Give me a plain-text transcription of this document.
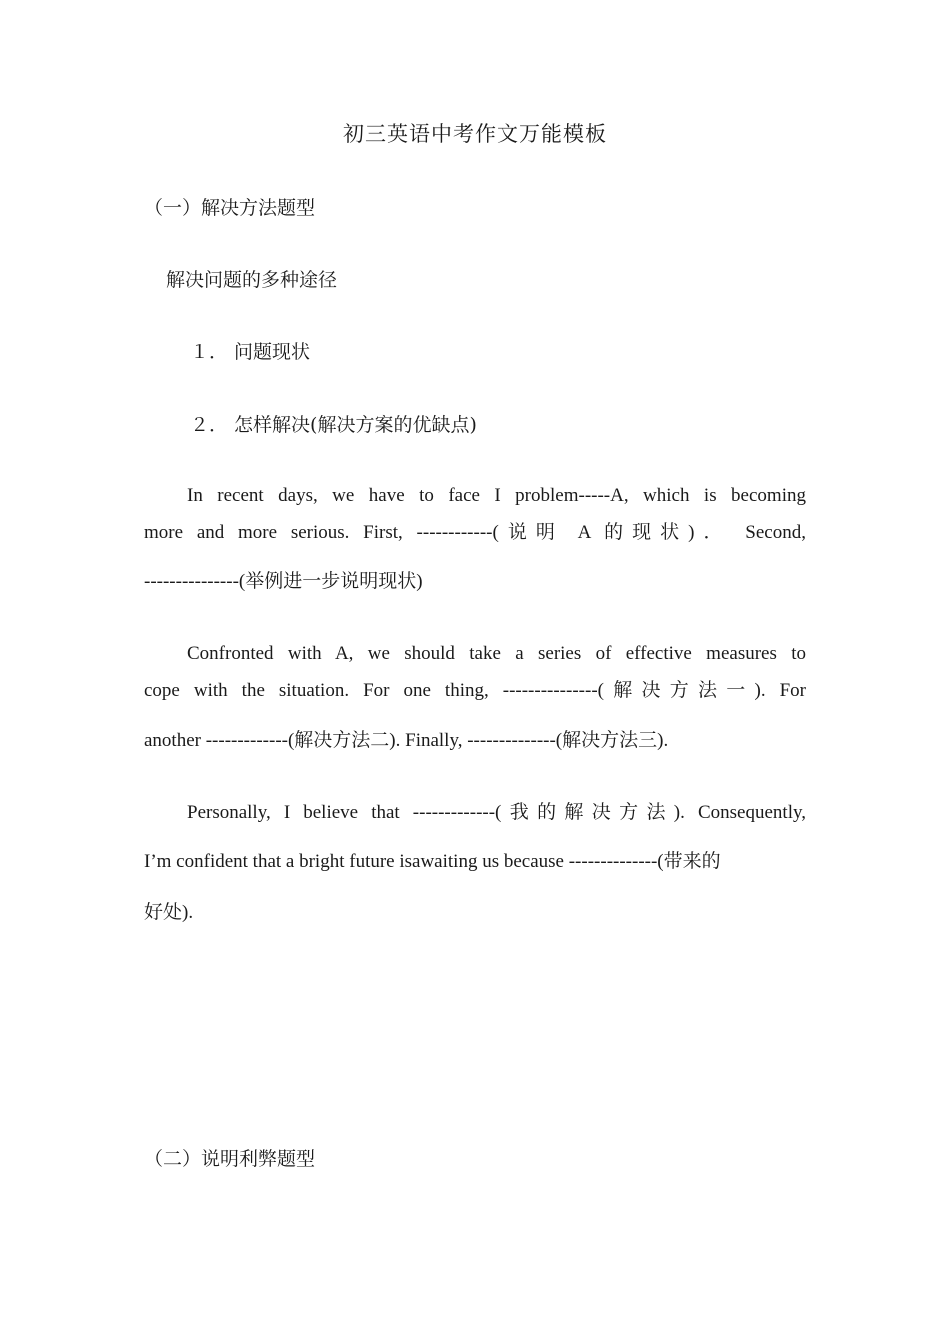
初三英语中考作文万能模板
（一）解决方法题型
解决问题的多种途径
１． 问题现状
２． 怎样解决(解决方案的优缺点)
In recent days, we have to face I problem-----A, which is becoming
more and more serious. First, ------------(说明 A 的现状)． Second,
---------------(举例进一步说明现状)
Confronted with A, we should take a series of effective measures to
cope with the situation. For one thing, ---------------(解决方法一). For
another -------------(解决方法二). Finally, --------------(解决方法三).
Personally, I believe that -------------(我的解决方法). Consequently,
I’m confident that a bright future isawaiting us because --------------(带来的
好处).
（二）说明利弊题型
